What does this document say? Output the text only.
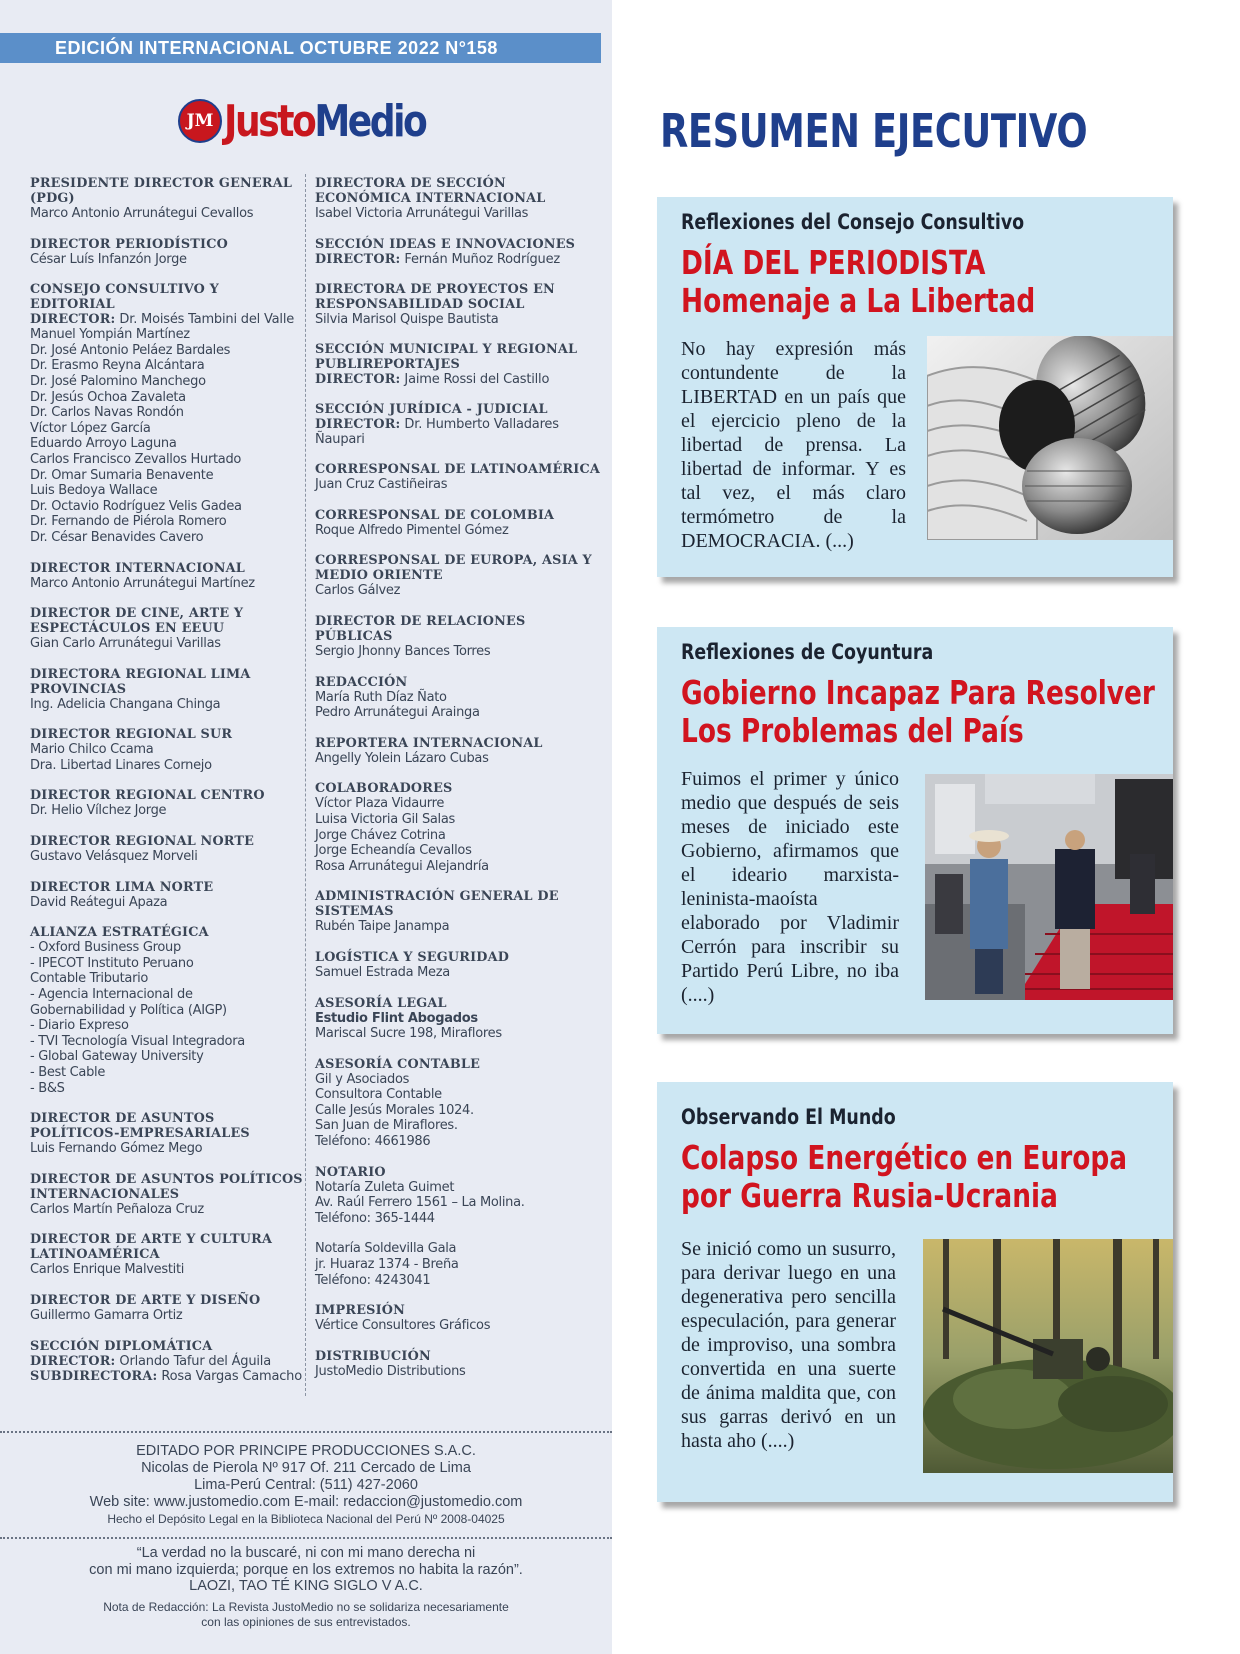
EDICIÓN INTERNACIONAL OCTUBRE 2022 N°158
JM JustoMedio
PRESIDENTE DIRECTOR GENERAL (PDG)
Marco Antonio Arrunátegui Cevallos
DIRECTOR PERIODÍSTICO
César Luís Infanzón Jorge
CONSEJO CONSULTIVO Y EDITORIAL
DIRECTOR: Dr. Moisés Tambini del Valle
Manuel Yompián Martínez
Dr. José Antonio Peláez Bardales
Dr. Erasmo Reyna Alcántara
Dr. José Palomino Manchego
Dr. Jesús Ochoa Zavaleta
Dr. Carlos Navas Rondón
Víctor López García
Eduardo Arroyo Laguna
Carlos Francisco Zevallos Hurtado
Dr. Omar Sumaria Benavente
Luis Bedoya Wallace
Dr. Octavio Rodríguez Velis Gadea
Dr. Fernando de Piérola Romero
Dr. César Benavides Cavero
DIRECTOR INTERNACIONAL
Marco Antonio Arrunátegui Martínez
DIRECTOR DE CINE, ARTE Y ESPECTÁCULOS EN EEUU
Gian Carlo Arrunátegui Varillas
DIRECTORA REGIONAL LIMA PROVINCIAS
Ing. Adelicia Changana Chinga
DIRECTOR REGIONAL SUR
Mario Chilco Ccama
Dra. Libertad Linares Cornejo
DIRECTOR REGIONAL CENTRO
Dr. Helio Vílchez Jorge
DIRECTOR REGIONAL NORTE
Gustavo Velásquez Morveli
DIRECTOR LIMA NORTE
David Reátegui Apaza
ALIANZA ESTRATÉGICA
- Oxford Business Group
- IPECOT Instituto Peruano
Contable Tributario
- Agencia Internacional de
Gobernabilidad y Política (AIGP)
- Diario Expreso
- TVI Tecnología Visual Integradora
- Global Gateway University
- Best Cable
- B&S
DIRECTOR DE ASUNTOS POLÍTICOS-EMPRESARIALES
Luis Fernando Gómez Mego
DIRECTOR DE ASUNTOS POLÍTICOS INTERNACIONALES
Carlos Martín Peñaloza Cruz
DIRECTOR DE ARTE Y CULTURA LATINOAMÉRICA
Carlos Enrique Malvestiti
DIRECTOR DE ARTE Y DISEÑO
Guillermo Gamarra Ortiz
SECCIÓN DIPLOMÁTICA
DIRECTOR: Orlando Tafur del Águila
SUBDIRECTORA: Rosa Vargas Camacho
DIRECTORA DE SECCIÓN ECONÓMICA INTERNACIONAL
Isabel Victoria Arrunátegui Varillas
SECCIÓN IDEAS E INNOVACIONES
DIRECTOR: Fernán Muñoz Rodríguez
DIRECTORA DE PROYECTOS EN RESPONSABILIDAD SOCIAL
Silvia Marisol Quispe Bautista
SECCIÓN MUNICIPAL Y REGIONAL PUBLIREPORTAJES
DIRECTOR: Jaime Rossi del Castillo
SECCIÓN JURÍDICA - JUDICIAL
DIRECTOR: Dr. Humberto Valladares Ñaupari
CORRESPONSAL DE LATINOAMÉRICA
Juan Cruz Castiñeiras
CORRESPONSAL DE COLOMBIA
Roque Alfredo Pimentel Gómez
CORRESPONSAL DE EUROPA, ASIA Y MEDIO ORIENTE
Carlos Gálvez
DIRECTOR DE RELACIONES PÚBLICAS
Sergio Jhonny Bances Torres
REDACCIÓN
María Ruth Díaz Ñato
Pedro Arrunátegui Arainga
REPORTERA INTERNACIONAL
Angelly Yolein Lázaro Cubas
COLABORADORES
Víctor Plaza Vidaurre
Luisa Victoria Gil Salas
Jorge Chávez Cotrina
Jorge Echeandía Cevallos
Rosa Arrunátegui Alejandría
ADMINISTRACIÓN GENERAL DE SISTEMAS
Rubén Taipe Janampa
LOGÍSTICA Y SEGURIDAD
Samuel Estrada Meza
ASESORÍA LEGAL
Estudio Flint Abogados
Mariscal Sucre 198, Miraflores
ASESORÍA CONTABLE
Gil y Asociados
Consultora Contable
Calle Jesús Morales 1024.
San Juan de Miraflores.
Teléfono: 4661986
NOTARIO
Notaría Zuleta Guimet
Av. Raúl Ferrero 1561 – La Molina.
Teléfono: 365-1444
Notaría Soldevilla Gala
jr. Huaraz 1374 - Breña
Teléfono: 4243041
IMPRESIÓN
Vértice Consultores Gráficos
DISTRIBUCIÓN
JustoMedio Distributions
EDITADO POR PRINCIPE PRODUCCIONES S.A.C.
Nicolas de Pierola Nº 917 Of. 211 Cercado de Lima
Lima-Perú Central: (511) 427-2060
Web site: www.justomedio.com E-mail: redaccion@justomedio.com
Hecho el Depósito Legal en la Biblioteca Nacional del Perú Nº 2008-04025
“La verdad no la buscaré, ni con mi mano derecha ni
con mi mano izquierda; porque en los extremos no habita la razón”.
LAOZI, TAO TÉ KING SIGLO V A.C.
Nota de Redacción: La Revista JustoMedio no se solidariza necesariamente
con las opiniones de sus entrevistados.
RESUMEN EJECUTIVO
Reflexiones del Consejo Consultivo
DÍA DEL PERIODISTA
Homenaje a La Libertad
No hay expresión más contundente de la LIBERTAD en un país que el ejercicio pleno de la libertad de prensa. La libertad de informar. Y es tal vez, el más claro termómetro de la DEMOCRACIA. (...)
Reflexiones de Coyuntura
Gobierno Incapaz Para Resolver
Los Problemas del País
Fuimos el primer y único medio que después de seis meses de iniciado este Gobierno, afirmamos que el ideario marxista-leninista-maoísta elaborado por Vladimir Cerrón para inscribir su Partido Perú Libre, no iba (....)
Observando El Mundo
Colapso Energético en Europa
por Guerra Rusia-Ucrania
Se inició como un susurro, para derivar luego en una degenerativa pero sencilla especulación, para generar de improviso, una sombra convertida en una suerte de ánima maldita que, con sus garras derivó en un hasta aho (....)
